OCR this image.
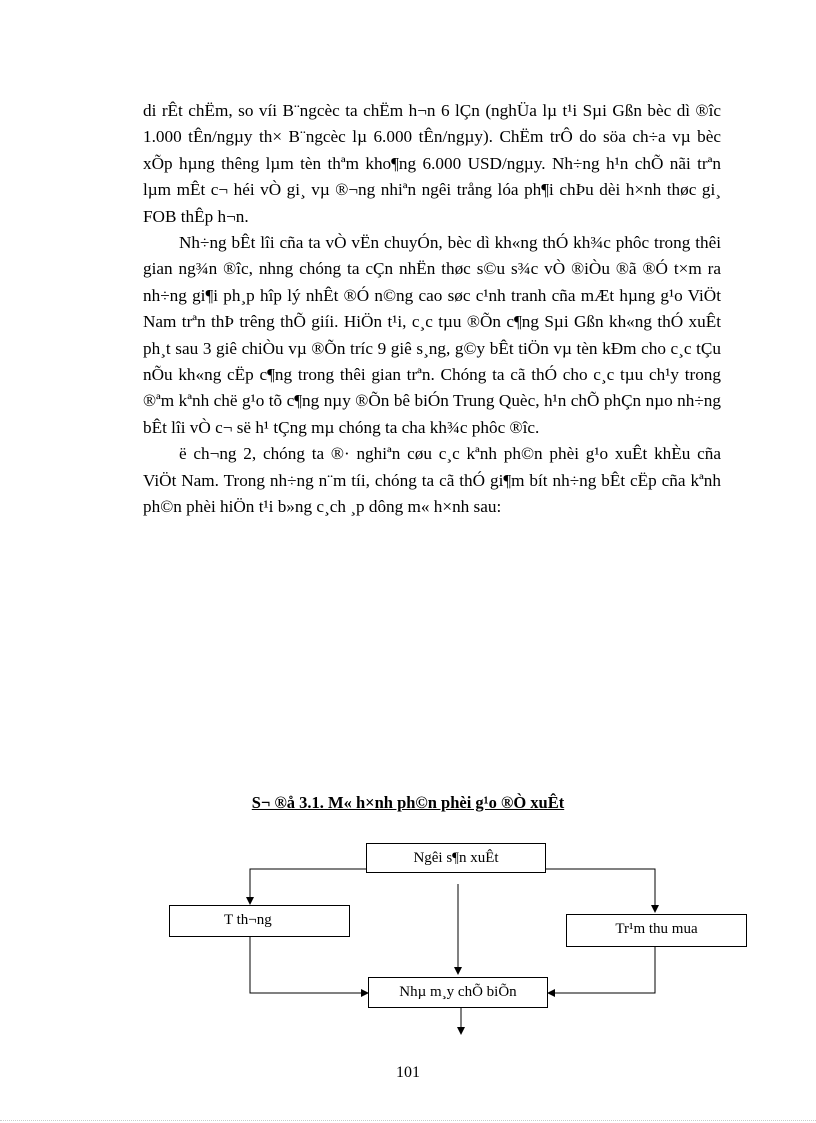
di rÊt chËm, so víi B¨ngcèc ta chËm h¬n 6 lÇn (nghÜa lµ t¹i Sµi Gßn bèc dì ®îc 1.000 tÊn/ngµy th× B¨ngcèc lµ 6.000 tÊn/ngµy). ChËm trÔ do söa ch÷a vµ bèc xÕp hµng thêng lµm tèn thªm kho¶ng 6.000 USD/ngµy. Nh÷ng h¹n chÕ nãi trªn lµm mÊt c¬ héi vÒ gi¸ vµ ®¬ng nhiªn ngêi trång lóa ph¶i chÞu dèi h×nh thøc gi¸ FOB thÊp h¬n.

Nh÷ng bÊt lîi cña ta vÒ vËn chuyÓn, bèc dì kh«ng thÓ kh¾c phôc trong thêi gian ng¾n ®îc, nhng chóng ta cÇn nhËn thøc s©u s¾c vÒ ®iÒu ®ã ®Ó t×m ra nh÷ng gi¶i ph¸p hîp lý nhÊt ®Ó n©ng cao søc c¹nh tranh cña mÆt hµng g¹o ViÖt Nam trªn thÞ trêng thÕ giíi. HiÖn t¹i, c¸c tµu ®Õn c¶ng Sµi Gßn kh«ng thÓ xuÊt ph¸t sau 3 giê chiÒu vµ ®Õn tríc 9 giê s¸ng, g©y bÊt tiÖn vµ tèn kÐm cho c¸c tÇu nÕu kh«ng cËp c¶ng trong thêi gian trªn. Chóng ta cã thÓ cho c¸c tµu ch¹y trong ®ªm kªnh chë g¹o tõ c¶ng nµy ®Õn bê biÓn Trung Quèc, h¹n chÕ phÇn nµo nh÷ng bÊt lîi vÒ c¬ së h¹ tÇng mµ chóng ta cha kh¾c phôc ®îc.

ë ch¬ng 2, chóng ta ®· nghiªn cøu c¸c kªnh ph©n phèi g¹o xuÊt khÈu cña ViÖt Nam. Trong nh÷ng n¨m tíi, chóng ta cã thÓ gi¶m bít nh÷ng bÊt cËp cña kªnh ph©n phèi hiÖn t¹i b»ng c¸ch ¸p dông m« h×nh sau:

S¬ ®å 3.1. M« h×nh ph©n phèi g¹o ®Ò xuÊt
Ngêi s¶n xuÊt
T th¬ng
Tr¹m thu mua
Nhµ m¸y chÕ biÕn
101
